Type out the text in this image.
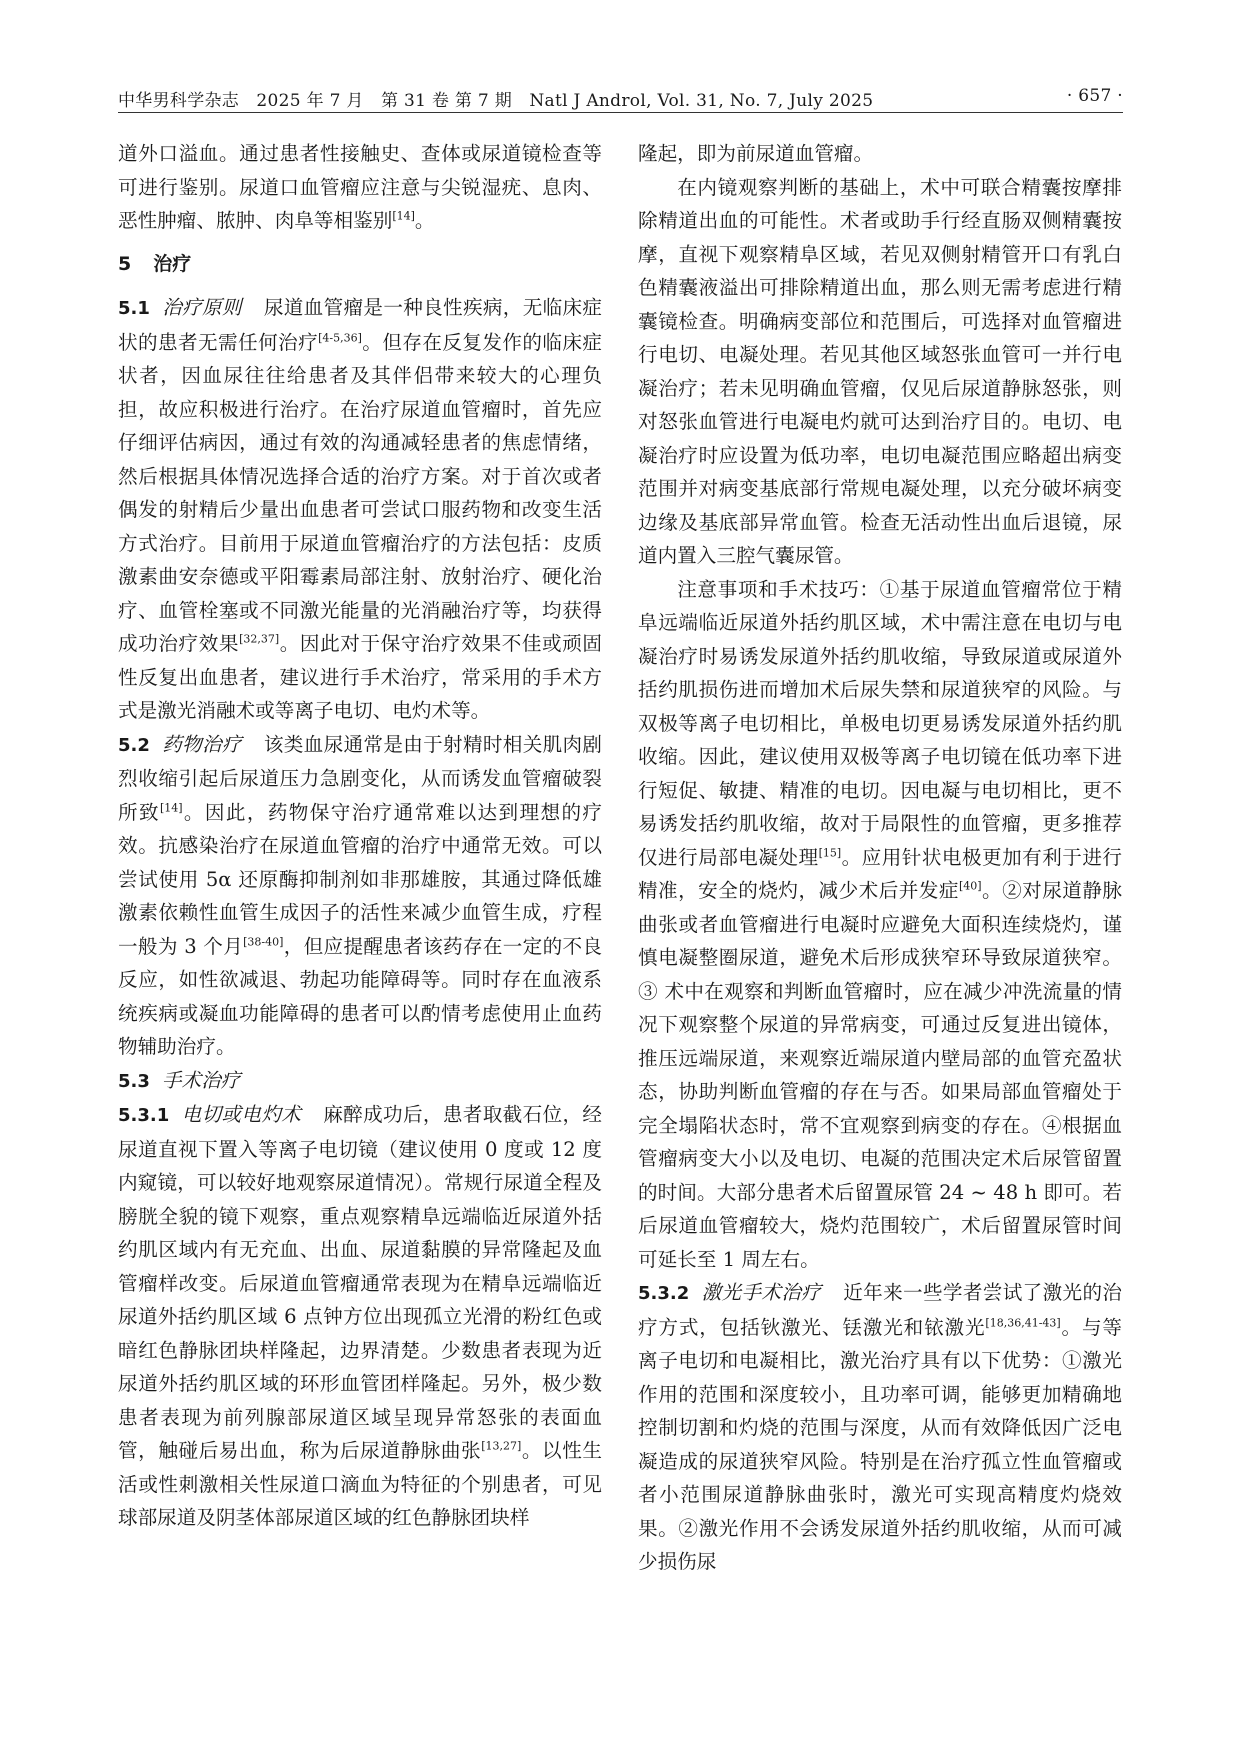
中华男科学杂志　2025 年 7 月　第 31 卷 第 7 期　Natl J Androl, Vol. 31, No. 7, July 2025	· 657 ·

道外口溢血。通过患者性接触史、查体或尿道镜检查等可进行鉴别。尿道口血管瘤应注意与尖锐湿疣、息肉、恶性肿瘤、脓肿、肉阜等相鉴别[14]。

5 治疗

5.1 治疗原则 尿道血管瘤是一种良性疾病，无临床症状的患者无需任何治疗[4-5,36]。但存在反复发作的临床症状者，因血尿往往给患者及其伴侣带来较大的心理负担，故应积极进行治疗。在治疗尿道血管瘤时，首先应仔细评估病因，通过有效的沟通减轻患者的焦虑情绪，然后根据具体情况选择合适的治疗方案。对于首次或者偶发的射精后少量出血患者可尝试口服药物和改变生活方式治疗。目前用于尿道血管瘤治疗的方法包括：皮质激素曲安奈德或平阳霉素局部注射、放射治疗、硬化治疗、血管栓塞或不同激光能量的光消融治疗等，均获得成功治疗效果[32,37]。因此对于保守治疗效果不佳或顽固性反复出血患者，建议进行手术治疗，常采用的手术方式是激光消融术或等离子电切、电灼术等。

5.2 药物治疗 该类血尿通常是由于射精时相关肌肉剧烈收缩引起后尿道压力急剧变化，从而诱发血管瘤破裂所致[14]。因此，药物保守治疗通常难以达到理想的疗效。抗感染治疗在尿道血管瘤的治疗中通常无效。可以尝试使用 5α 还原酶抑制剂如非那雄胺，其通过降低雄激素依赖性血管生成因子的活性来减少血管生成，疗程一般为 3 个月[38-40]，但应提醒患者该药存在一定的不良反应，如性欲减退、勃起功能障碍等。同时存在血液系统疾病或凝血功能障碍的患者可以酌情考虑使用止血药物辅助治疗。

5.3 手术治疗

5.3.1 电切或电灼术 麻醉成功后，患者取截石位，经尿道直视下置入等离子电切镜（建议使用 0 度或 12 度内窥镜，可以较好地观察尿道情况）。常规行尿道全程及膀胱全貌的镜下观察，重点观察精阜远端临近尿道外括约肌区域内有无充血、出血、尿道黏膜的异常隆起及血管瘤样改变。后尿道血管瘤通常表现为在精阜远端临近尿道外括约肌区域 6 点钟方位出现孤立光滑的粉红色或暗红色静脉团块样隆起，边界清楚。少数患者表现为近尿道外括约肌区域的环形血管团样隆起。另外，极少数患者表现为前列腺部尿道区域呈现异常怒张的表面血管，触碰后易出血，称为后尿道静脉曲张[13,27]。以性生活或性刺激相关性尿道口滴血为特征的个别患者，可见球部尿道及阴茎体部尿道区域的红色静脉团块样

隆起，即为前尿道血管瘤。

在内镜观察判断的基础上，术中可联合精囊按摩排除精道出血的可能性。术者或助手行经直肠双侧精囊按摩，直视下观察精阜区域，若见双侧射精管开口有乳白色精囊液溢出可排除精道出血，那么则无需考虑进行精囊镜检查。明确病变部位和范围后，可选择对血管瘤进行电切、电凝处理。若见其他区域怒张血管可一并行电凝治疗；若未见明确血管瘤，仅见后尿道静脉怒张，则对怒张血管进行电凝电灼就可达到治疗目的。电切、电凝治疗时应设置为低功率，电切电凝范围应略超出病变范围并对病变基底部行常规电凝处理，以充分破坏病变边缘及基底部异常血管。检查无活动性出血后退镜，尿道内置入三腔气囊尿管。

注意事项和手术技巧：①基于尿道血管瘤常位于精阜远端临近尿道外括约肌区域，术中需注意在电切与电凝治疗时易诱发尿道外括约肌收缩，导致尿道或尿道外括约肌损伤进而增加术后尿失禁和尿道狭窄的风险。与双极等离子电切相比，单极电切更易诱发尿道外括约肌收缩。因此，建议使用双极等离子电切镜在低功率下进行短促、敏捷、精准的电切。因电凝与电切相比，更不易诱发括约肌收缩，故对于局限性的血管瘤，更多推荐仅进行局部电凝处理[15]。应用针状电极更加有利于进行精准，安全的烧灼，减少术后并发症[40]。②对尿道静脉曲张或者血管瘤进行电凝时应避免大面积连续烧灼，谨慎电凝整圈尿道，避免术后形成狭窄环导致尿道狭窄。③ 术中在观察和判断血管瘤时，应在减少冲洗流量的情况下观察整个尿道的异常病变，可通过反复进出镜体，推压远端尿道，来观察近端尿道内壁局部的血管充盈状态，协助判断血管瘤的存在与否。如果局部血管瘤处于完全塌陷状态时，常不宜观察到病变的存在。④根据血管瘤病变大小以及电切、电凝的范围决定术后尿管留置的时间。大部分患者术后留置尿管 24 ~ 48 h 即可。若后尿道血管瘤较大，烧灼范围较广，术后留置尿管时间可延长至 1 周左右。

5.3.2 激光手术治疗 近年来一些学者尝试了激光的治疗方式，包括钬激光、铥激光和铱激光[18,36,41-43]。与等离子电切和电凝相比，激光治疗具有以下优势：①激光作用的范围和深度较小，且功率可调，能够更加精确地控制切割和灼烧的范围与深度，从而有效降低因广泛电凝造成的尿道狭窄风险。特别是在治疗孤立性血管瘤或者小范围尿道静脉曲张时，激光可实现高精度灼烧效果。②激光作用不会诱发尿道外括约肌收缩，从而可减少损伤尿
